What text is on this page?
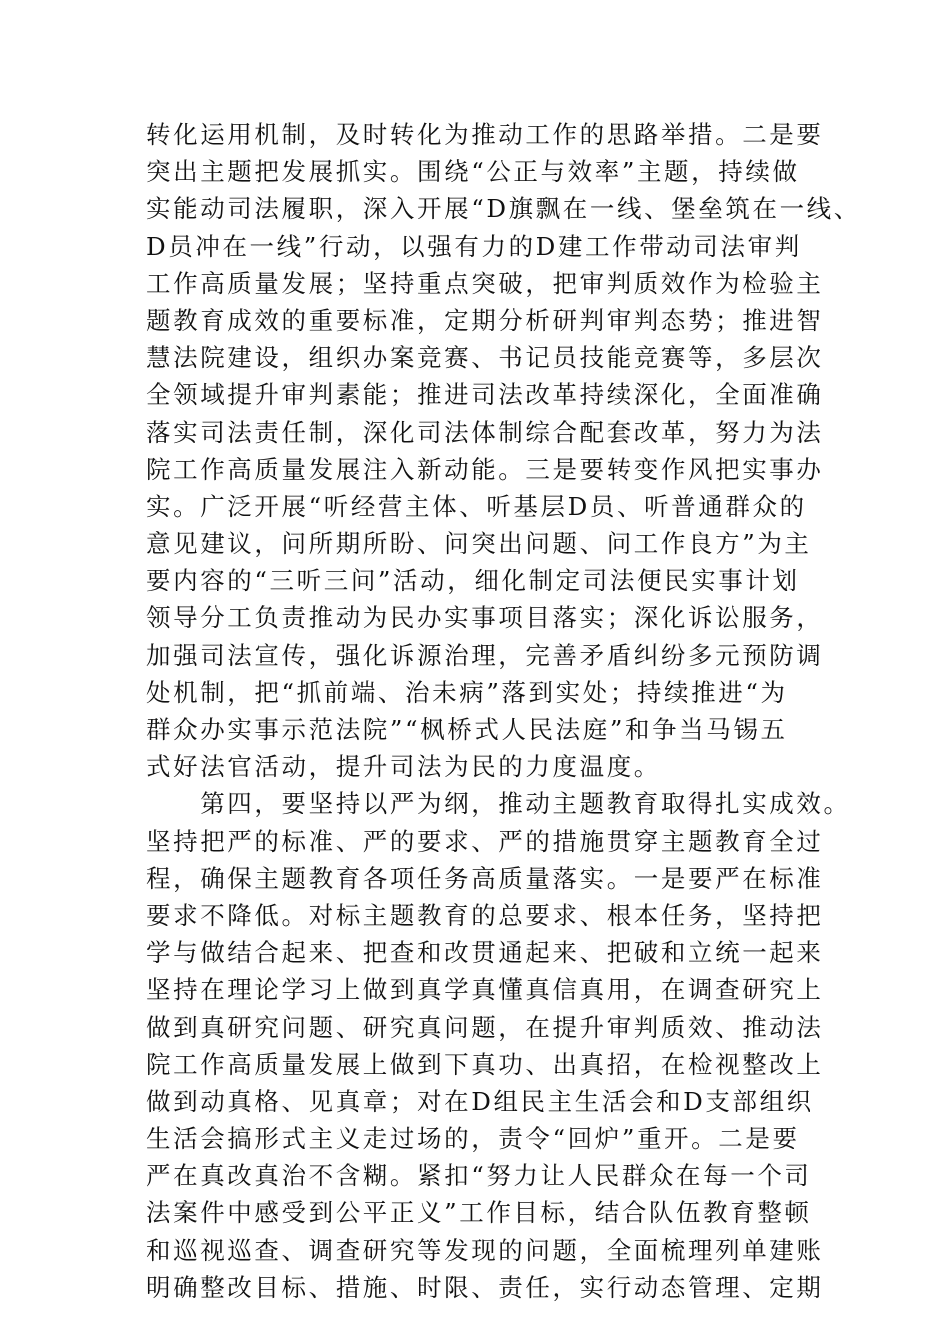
转化运用机制，及时转化为推动工作的思路举措。二是要
突出主题把发展抓实。围绕“公正与效率”主题，持续做
实能动司法履职，深入开展“D旗飘在一线、堡垒筑在一线、
D员冲在一线”行动，以强有力的D建工作带动司法审判
工作高质量发展；坚持重点突破，把审判质效作为检验主
题教育成效的重要标准，定期分析研判审判态势；推进智
慧法院建设，组织办案竞赛、书记员技能竞赛等，多层次
全领域提升审判素能；推进司法改革持续深化，全面准确
落实司法责任制，深化司法体制综合配套改革，努力为法
院工作高质量发展注入新动能。三是要转变作风把实事办
实。广泛开展“听经营主体、听基层D员、听普通群众的
意见建议，问所期所盼、问突出问题、问工作良方”为主
要内容的“三听三问”活动，细化制定司法便民实事计划
领导分工负责推动为民办实事项目落实；深化诉讼服务，
加强司法宣传，强化诉源治理，完善矛盾纠纷多元预防调
处机制，把“抓前端、治未病”落到实处；持续推进“为
群众办实事示范法院”“枫桥式人民法庭”和争当马锡五
式好法官活动，提升司法为民的力度温度。
　　第四，要坚持以严为纲，推动主题教育取得扎实成效。
坚持把严的标准、严的要求、严的措施贯穿主题教育全过
程，确保主题教育各项任务高质量落实。一是要严在标准
要求不降低。对标主题教育的总要求、根本任务，坚持把
学与做结合起来、把查和改贯通起来、把破和立统一起来
坚持在理论学习上做到真学真懂真信真用，在调查研究上
做到真研究问题、研究真问题，在提升审判质效、推动法
院工作高质量发展上做到下真功、出真招，在检视整改上
做到动真格、见真章；对在D组民主生活会和D支部组织
生活会搞形式主义走过场的，责令“回炉”重开。二是要
严在真改真治不含糊。紧扣“努力让人民群众在每一个司
法案件中感受到公平正义”工作目标，结合队伍教育整顿
和巡视巡查、调查研究等发现的问题，全面梳理列单建账
明确整改目标、措施、时限、责任，实行动态管理、定期
